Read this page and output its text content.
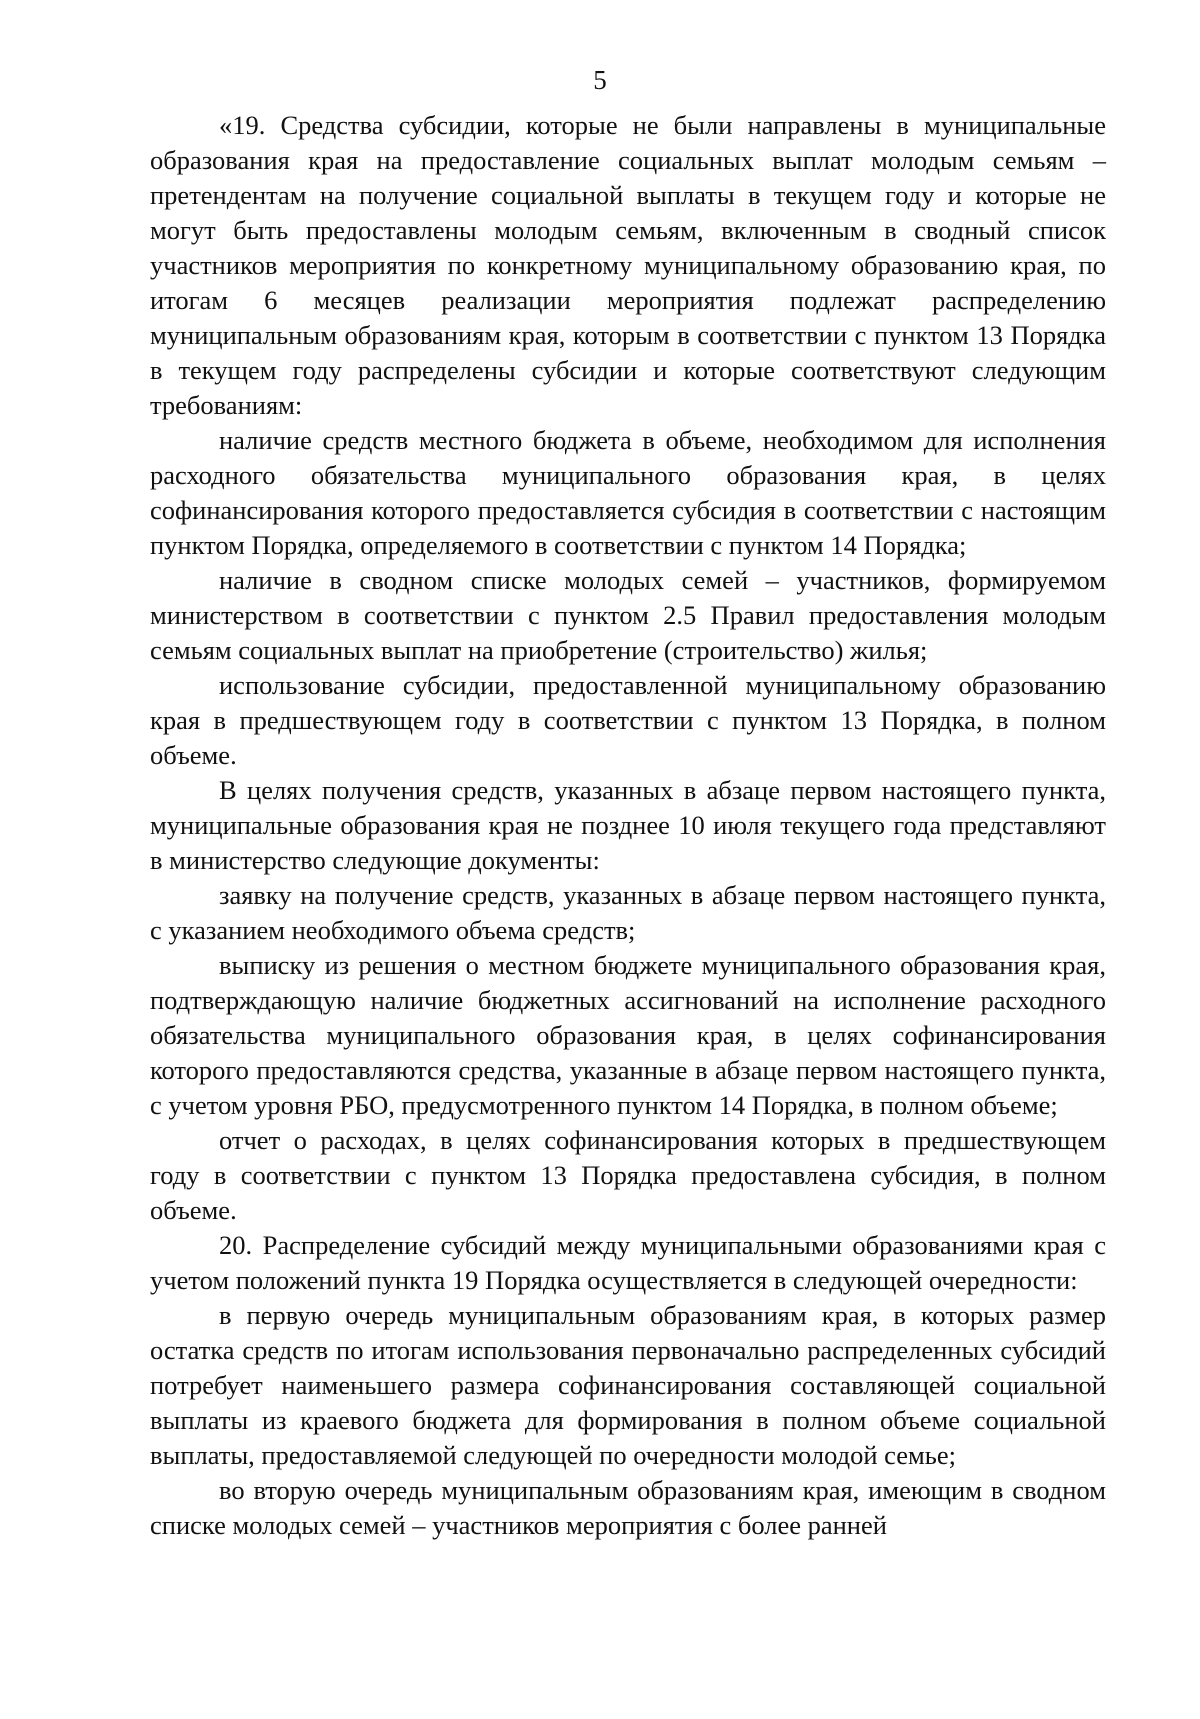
5

«19. Средства субсидии, которые не были направлены в муниципальные образования края на предоставление социальных выплат молодым семьям – претендентам на получение социальной выплаты в текущем году и которые не могут быть предоставлены молодым семьям, включенным в сводный список участников мероприятия по конкретному муниципальному образованию края, по итогам 6 месяцев реализации мероприятия подлежат распределению муниципальным образованиям края, которым в соответствии с пунктом 13 Порядка в текущем году распределены субсидии и которые соответствуют следующим требованиям:

наличие средств местного бюджета в объеме, необходимом для исполнения расходного обязательства муниципального образования края, в целях софинансирования которого предоставляется субсидия в соответствии с настоящим пунктом Порядка, определяемого в соответствии с пунктом 14 Порядка;

наличие в сводном списке молодых семей – участников, формируемом министерством в соответствии с пунктом 2.5 Правил предоставления молодым семьям социальных выплат на приобретение (строительство) жилья;

использование субсидии, предоставленной муниципальному образованию края в предшествующем году в соответствии с пунктом 13 Порядка, в полном объеме.

В целях получения средств, указанных в абзаце первом настоящего пункта, муниципальные образования края не позднее 10 июля текущего года представляют в министерство следующие документы:

заявку на получение средств, указанных в абзаце первом настоящего пункта, с указанием необходимого объема средств;

выписку из решения о местном бюджете муниципального образования края, подтверждающую наличие бюджетных ассигнований на исполнение расходного обязательства муниципального образования края, в целях софинансирования которого предоставляются средства, указанные в абзаце первом настоящего пункта, с учетом уровня РБО, предусмотренного пунктом 14 Порядка, в полном объеме;

отчет о расходах, в целях софинансирования которых в предшествующем году в соответствии с пунктом 13 Порядка предоставлена субсидия, в полном объеме.

20. Распределение субсидий между муниципальными образованиями края с учетом положений пункта 19 Порядка осуществляется в следующей очередности:

в первую очередь муниципальным образованиям края, в которых размер остатка средств по итогам использования первоначально распределенных субсидий потребует наименьшего размера софинансирования составляющей социальной выплаты из краевого бюджета для формирования в полном объеме социальной выплаты, предоставляемой следующей по очередности молодой семье;

во вторую очередь муниципальным образованиям края, имеющим в сводном списке молодых семей – участников мероприятия с более ранней
